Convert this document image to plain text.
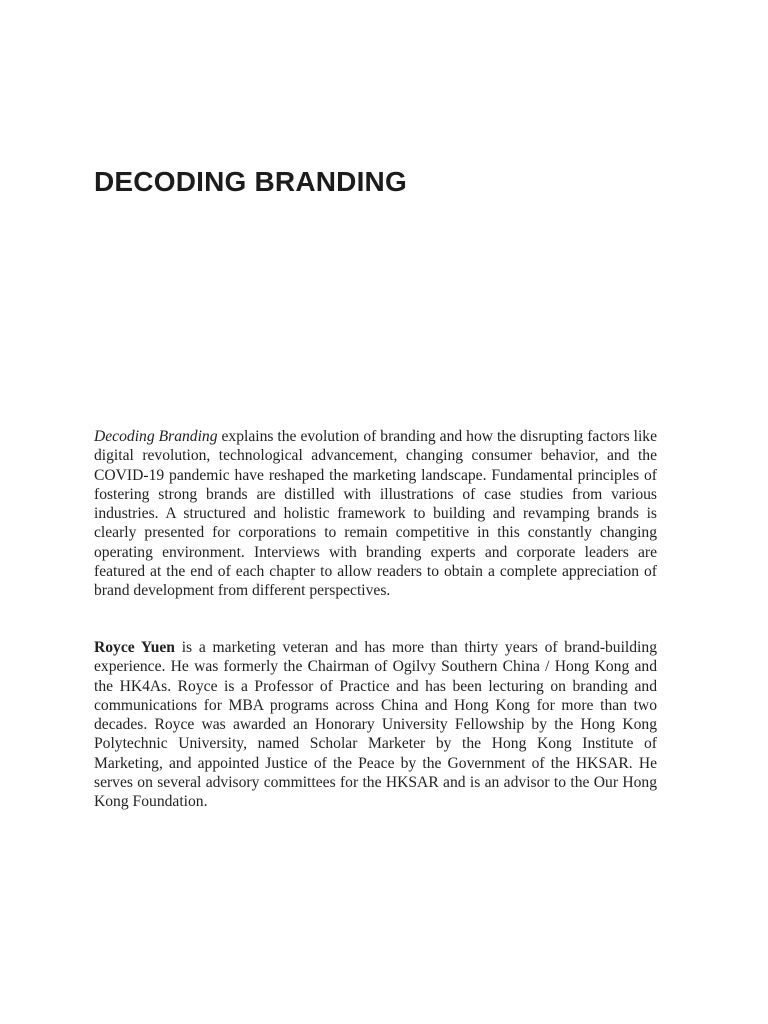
DECODING BRANDING

Decoding Branding explains the evolution of branding and how the disrupting factors like digital revolution, technological advancement, changing consumer behavior, and the COVID-19 pandemic have reshaped the marketing landscape. Fundamental principles of fostering strong brands are distilled with illustrations of case studies from various industries. A structured and holistic framework to building and revamping brands is clearly presented for corporations to remain competitive in this constantly changing operating environment. Interviews with branding experts and corporate leaders are featured at the end of each chapter to allow readers to obtain a complete appreciation of brand development from different perspectives.

Royce Yuen is a marketing veteran and has more than thirty years of brand-building experience. He was formerly the Chairman of Ogilvy Southern China / Hong Kong and the HK4As. Royce is a Professor of Practice and has been lecturing on branding and communications for MBA programs across China and Hong Kong for more than two decades. Royce was awarded an Honorary University Fellowship by the Hong Kong Polytechnic University, named Scholar Marketer by the Hong Kong Institute of Marketing, and appointed Justice of the Peace by the Government of the HKSAR. He serves on several advisory committees for the HKSAR and is an advisor to the Our Hong Kong Foundation.
